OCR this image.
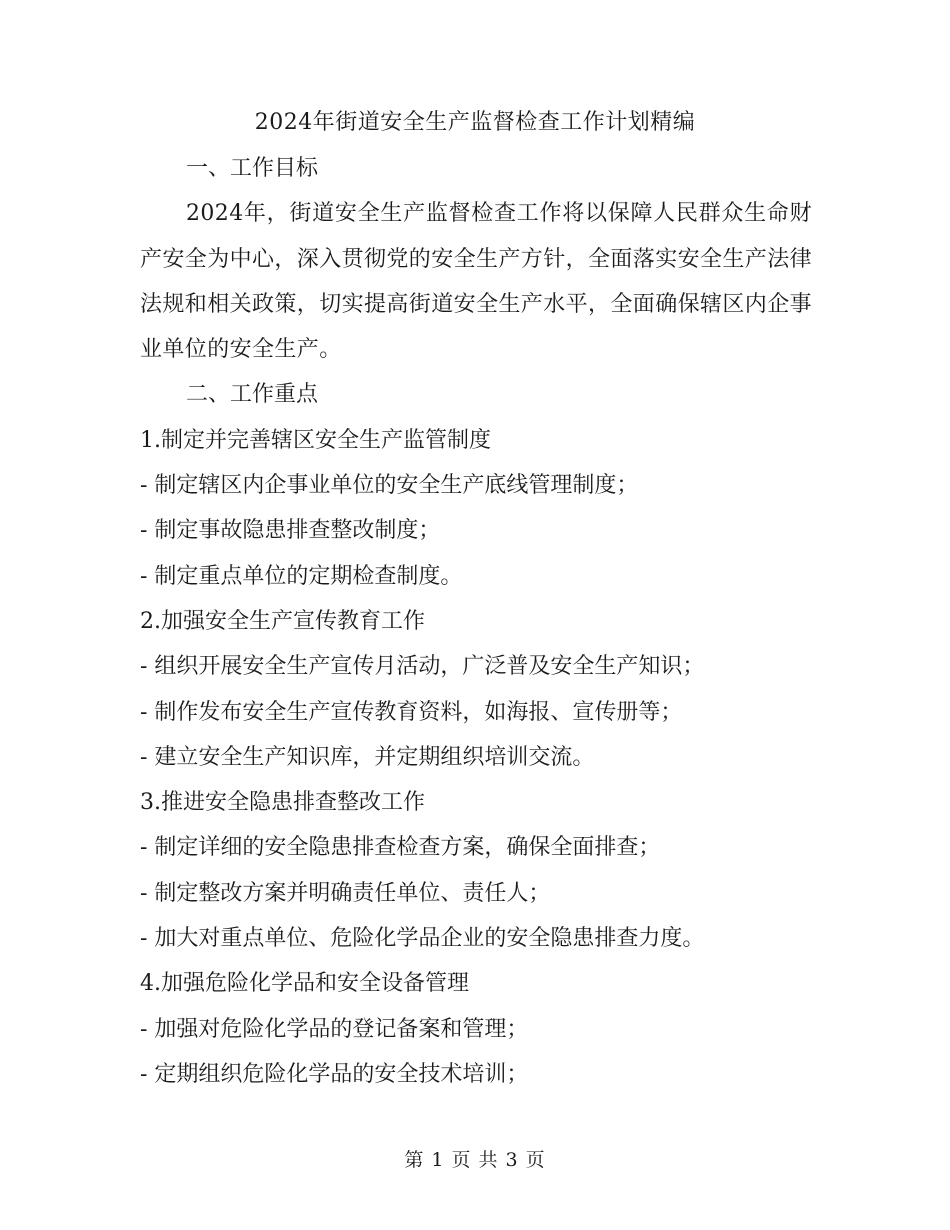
2024年街道安全生产监督检查工作计划精编
一、工作目标

2024年，街道安全生产监督检查工作将以保障人民群众生命财产安全为中心，深入贯彻党的安全生产方针，全面落实安全生产法律法规和相关政策，切实提高街道安全生产水平，全面确保辖区内企事业单位的安全生产。

二、工作重点
1.制定并完善辖区安全生产监管制度
- 制定辖区内企事业单位的安全生产底线管理制度；
- 制定事故隐患排查整改制度；
- 制定重点单位的定期检查制度。
2.加强安全生产宣传教育工作
- 组织开展安全生产宣传月活动，广泛普及安全生产知识；
- 制作发布安全生产宣传教育资料，如海报、宣传册等；
- 建立安全生产知识库，并定期组织培训交流。
3.推进安全隐患排查整改工作
- 制定详细的安全隐患排查检查方案，确保全面排查；
- 制定整改方案并明确责任单位、责任人；
- 加大对重点单位、危险化学品企业的安全隐患排查力度。
4.加强危险化学品和安全设备管理
- 加强对危险化学品的登记备案和管理；
- 定期组织危险化学品的安全技术培训；
第 1 页 共 3 页
